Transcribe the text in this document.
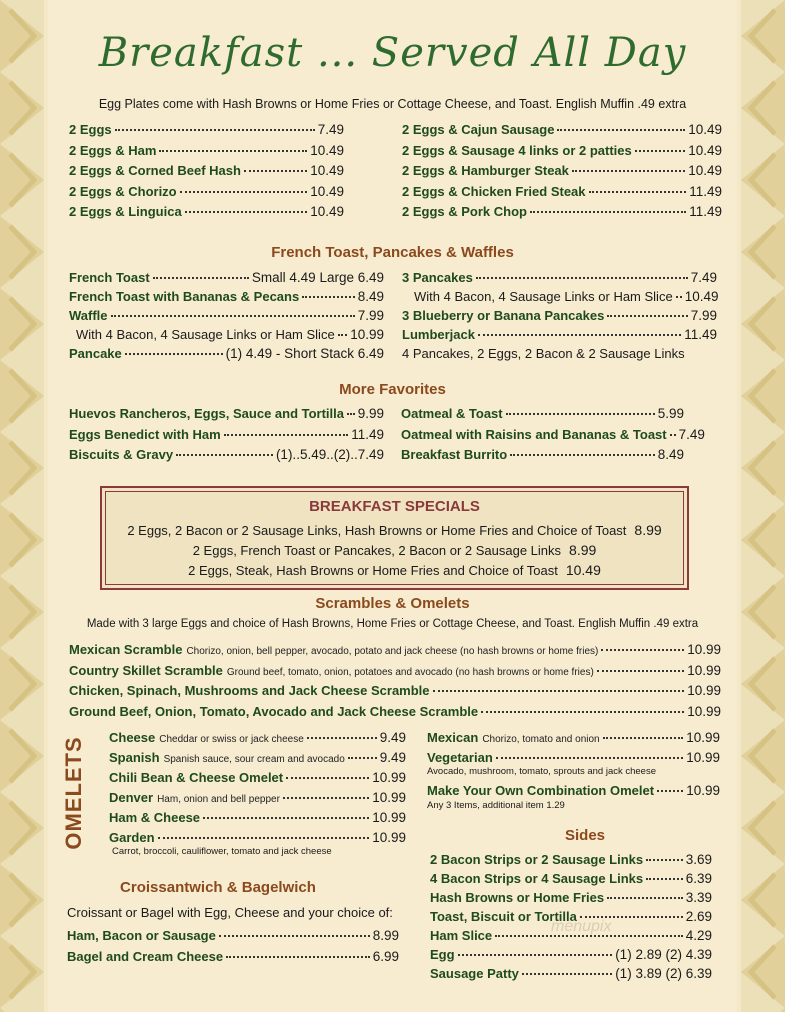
Breakfast ... Served All Day
Egg Plates come with Hash Browns or Home Fries or Cottage Cheese, and Toast. English Muffin .49 extra
2 Eggs	7.49
2 Eggs & Ham	10.49
2 Eggs & Corned Beef Hash	10.49
2 Eggs & Chorizo	10.49
2 Eggs & Linguica	10.49
2 Eggs & Cajun Sausage	10.49
2 Eggs & Sausage 4 links or 2 patties	10.49
2 Eggs & Hamburger Steak	10.49
2 Eggs & Chicken Fried Steak	11.49
2 Eggs & Pork Chop	11.49
French Toast, Pancakes & Waffles
French Toast	Small 4.49 Large 6.49
French Toast with Bananas & Pecans	8.49
Waffle	7.99
With 4 Bacon, 4 Sausage Links or Ham Slice 10.99
Pancake	(1) 4.49 - Short Stack 6.49
3 Pancakes	7.49
With 4 Bacon, 4 Sausage Links or Ham Slice 10.49
3 Blueberry or Banana Pancakes	7.99
Lumberjack	11.49
4 Pancakes, 2 Eggs, 2 Bacon & 2 Sausage Links
More Favorites
Huevos Rancheros, Eggs, Sauce and Tortilla 9.99
Eggs Benedict with Ham	11.49
Biscuits & Gravy	(1)..5.49..(2)..7.49
Oatmeal & Toast	5.99
Oatmeal with Raisins and Bananas & Toast 7.49
Breakfast Burrito	8.49
BREAKFAST SPECIALS
2 Eggs, 2 Bacon or 2 Sausage Links, Hash Browns or Home Fries and Choice of Toast 8.99
2 Eggs, French Toast or Pancakes, 2 Bacon or 2 Sausage Links 8.99
2 Eggs, Steak, Hash Browns or Home Fries and Choice of Toast 10.49
Scrambles & Omelets
Made with 3 large Eggs and choice of Hash Browns, Home Fries or Cottage Cheese, and Toast. English Muffin .49 extra
Mexican Scramble Chorizo, onion, bell pepper, avocado, potato and jack cheese (no hash browns or home fries)	10.99
Country Skillet Scramble Ground beef, tomato, onion, potatoes and avocado (no hash browns or home fries)	10.99
Chicken, Spinach, Mushrooms and Jack Cheese Scramble	10.99
Ground Beef, Onion, Tomato, Avocado and Jack Cheese Scramble	10.99
OMELETS Cheese Cheddar or swiss or jack cheese	9.49
Spanish Spanish sauce, sour cream and avocado	9.49
Chili Bean & Cheese Omelet	10.99
Denver Ham, onion and bell pepper	10.99
Ham & Cheese	10.99
Garden	10.99
Carrot, broccoli, cauliflower, tomato and jack cheese
Mexican Chorizo, tomato and onion	10.99
Vegetarian	10.99
Make Your Own Combination Omelet 10.99
Avocado, mushroom, tomato, sprouts and jack cheese
Any 3 Items, additional item 1.29
Croissantwich & Bagelwich
Croissant or Bagel with Egg, Cheese and your choice of:
Ham, Bacon or Sausage	8.99
Bagel and Cream Cheese	6.99
Sides
2 Bacon Strips or 2 Sausage Links	3.69
4 Bacon Strips or 4 Sausage Links	6.39
Hash Browns or Home Fries	3.39
Toast, Biscuit or Tortilla	2.69
Ham Slice	4.29
Egg	(1) 2.89 (2) 4.39
Sausage Patty	(1) 3.89 (2) 6.39
menupix
